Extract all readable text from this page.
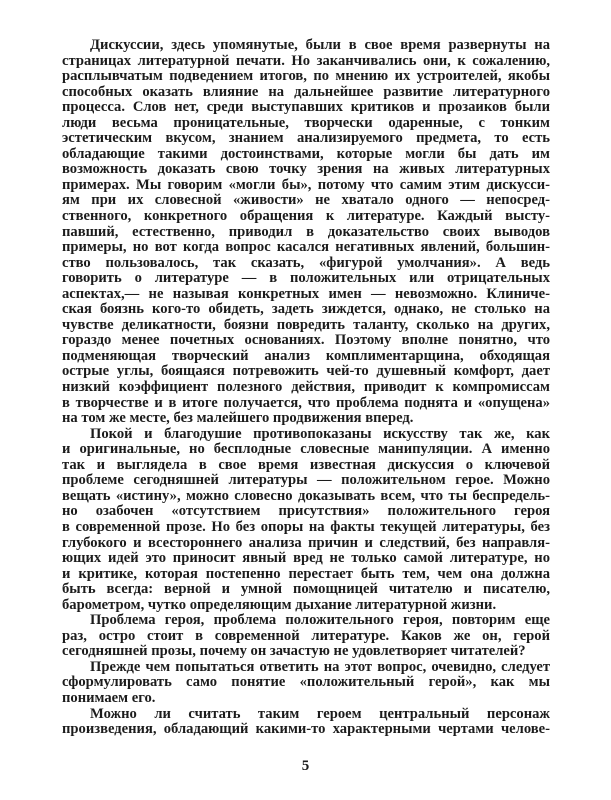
Дискуссии, здесь упомянутые, были в свое время развернуты на
страницах литературной печати. Но заканчивались они, к сожалению,
расплывчатым подведением итогов, по мнению их устроителей, якобы
способных оказать влияние на дальнейшее развитие литературного
процесса. Слов нет, среди выступавших критиков и прозаиков были
люди весьма проницательные, творчески одаренные, с тонким
эстетическим вкусом, знанием анализируемого предмета, то есть
обладающие такими достоинствами, которые могли бы дать им
возможность доказать свою точку зрения на живых литературных
примерах. Мы говорим «могли бы», потому что самим этим дискусси-
ям при их словесной «живости» не хватало одного — непосред-
ственного, конкретного обращения к литературе. Каждый высту-
павший, естественно, приводил в доказательство своих выводов
примеры, но вот когда вопрос касался негативных явлений, большин-
ство пользовалось, так сказать, «фигурой умолчания». А ведь
говорить о литературе — в положительных или отрицательных
аспектах,— не называя конкретных имен — невозможно. Клиниче-
ская боязнь кого-то обидеть, задеть зиждется, однако, не столько на
чувстве деликатности, боязни повредить таланту, сколько на других,
гораздо менее почетных основаниях. Поэтому вполне понятно, что
подменяющая творческий анализ комплиментарщина, обходящая
острые углы, боящаяся потревожить чей-то душевный комфорт, дает
низкий коэффициент полезного действия, приводит к компромиссам
в творчестве и в итоге получается, что проблема поднята и «опущена»
на том же месте, без малейшего продвижения вперед.
Покой и благодушие противопоказаны искусству так же, как
и оригинальные, но бесплодные словесные манипуляции. А именно
так и выглядела в свое время известная дискуссия о ключевой
проблеме сегодняшней литературы — положительном герое. Можно
вещать «истину», можно словесно доказывать всем, что ты беспредель-
но озабочен «отсутствием присутствия» положительного героя
в современной прозе. Но без опоры на факты текущей литературы, без
глубокого и всестороннего анализа причин и следствий, без направля-
ющих идей это приносит явный вред не только самой литературе, но
и критике, которая постепенно перестает быть тем, чем она должна
быть всегда: верной и умной помощницей читателю и писателю,
барометром, чутко определяющим дыхание литературной жизни.
Проблема героя, проблема положительного героя, повторим еще
раз, остро стоит в современной литературе. Каков же он, герой
сегодняшней прозы, почему он зачастую не удовлетворяет читателей?
Прежде чем попытаться ответить на этот вопрос, очевидно, следует
сформулировать само понятие «положительный герой», как мы
понимаем его.
Можно ли считать таким героем центральный персонаж
произведения, обладающий какими-то характерными чертами челове-
5
